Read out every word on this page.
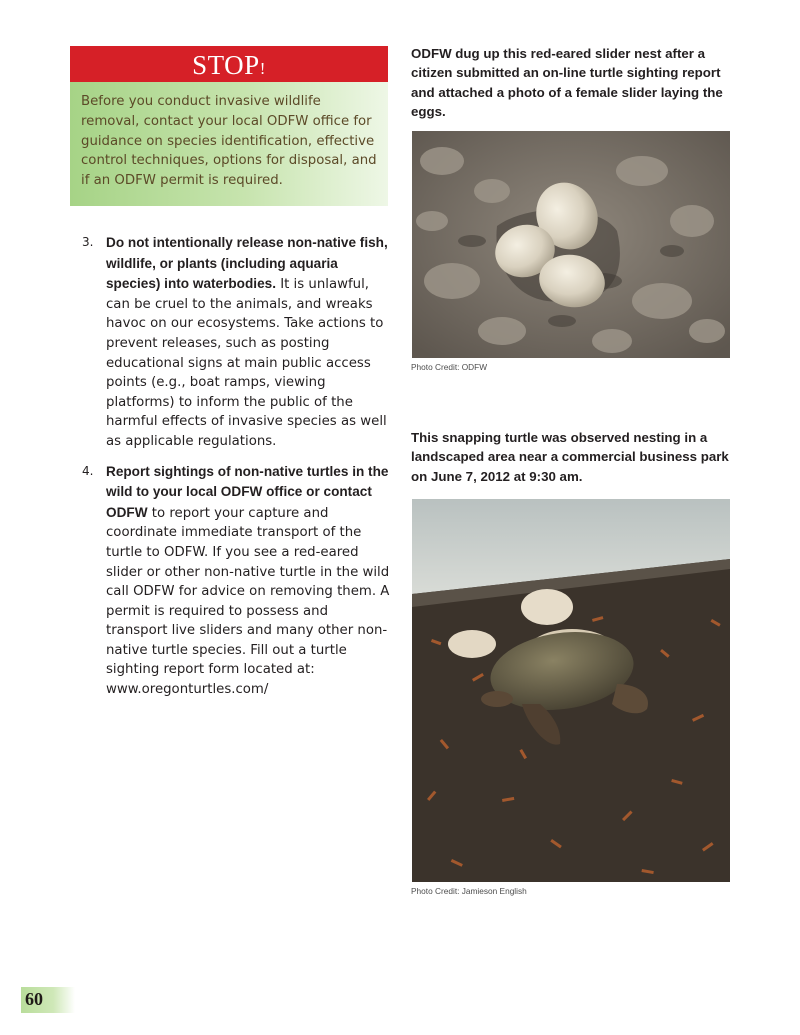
STOP!
Before you conduct invasive wildlife removal, contact your local ODFW office for guidance on species identification, effective control techniques, options for disposal, and if an ODFW permit is required.
3. Do not intentionally release non-native fish, wildlife, or plants (including aquaria species) into waterbodies. It is unlawful, can be cruel to the animals, and wreaks havoc on our ecosystems. Take actions to prevent releases, such as posting educational signs at main public access points (e.g., boat ramps, viewing platforms) to inform the public of the harmful effects of invasive species as well as applicable regulations.
4. Report sightings of non-native turtles in the wild to your local ODFW office or contact ODFW to report your capture and coordinate immediate transport of the turtle to ODFW. If you see a red-eared slider or other non-native turtle in the wild call ODFW for advice on removing them. A permit is required to possess and transport live sliders and many other non-native turtle species. Fill out a turtle sighting report form located at: www.oregonturtles.com/
ODFW dug up this red-eared slider nest after a citizen submitted an on-line turtle sighting report and attached a photo of a female slider laying the eggs.
Photo Credit: ODFW
This snapping turtle was observed nesting in a landscaped area near a commercial business park on June 7, 2012 at 9:30 am.
Photo Credit: Jamieson English
60
